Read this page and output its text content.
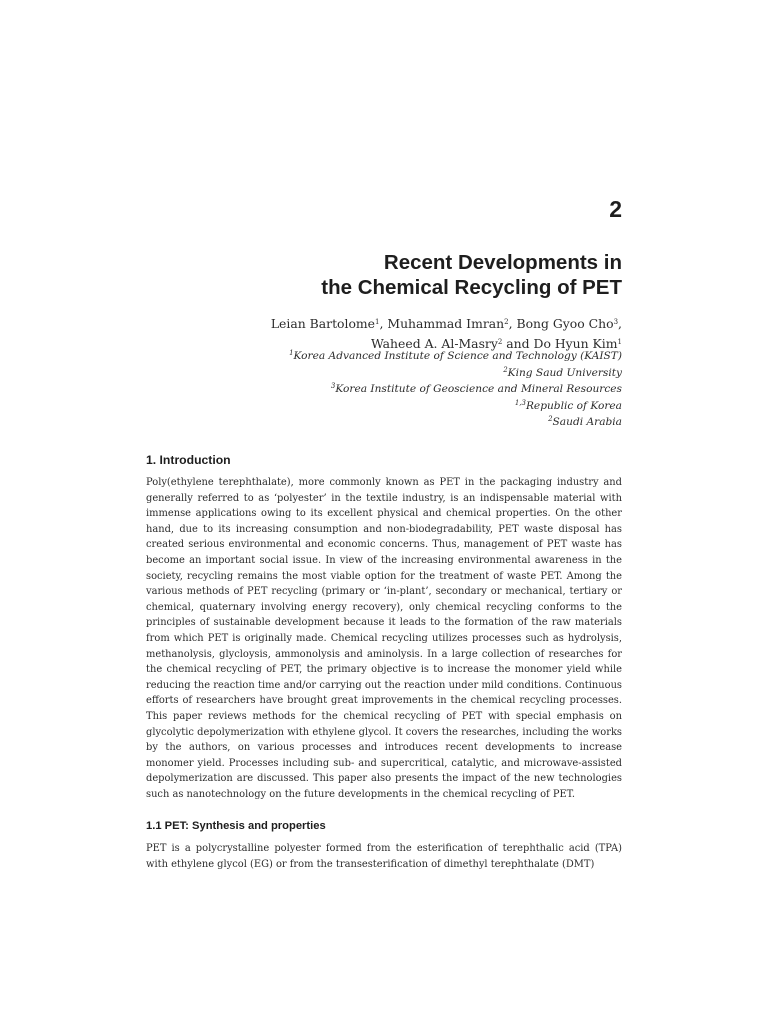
2
Recent Developments in
the Chemical Recycling of PET

Leian Bartolome$^1$, Muhammad Imran$^2$, Bong Gyoo Cho$^3$,
Waheed A. Al-Masry$^2$ and Do Hyun Kim$^1$

$^1$Korea Advanced Institute of Science and Technology (KAIST)
$^2$King Saud University
$^3$Korea Institute of Geoscience and Mineral Resources
$^{1,3}$Republic of Korea
$^2$Saudi Arabia
1. Introduction

Poly(ethylene terephthalate), more commonly known as PET in the packaging industry and generally referred to as ‘polyester’ in the textile industry, is an indispensable material with immense applications owing to its excellent physical and chemical properties. On the other hand, due to its increasing consumption and non-biodegradability, PET waste disposal has created serious environmental and economic concerns. Thus, management of PET waste has become an important social issue. In view of the increasing environmental awareness in the society, recycling remains the most viable option for the treatment of waste PET. Among the various methods of PET recycling (primary or ‘in-plant’, secondary or mechanical, tertiary or chemical, quaternary involving energy recovery), only chemical recycling conforms to the principles of sustainable development because it leads to the formation of the raw materials from which PET is originally made. Chemical recycling utilizes processes such as hydrolysis, methanolysis, glycloysis, ammonolysis and aminolysis. In a large collection of researches for the chemical recycling of PET, the primary objective is to increase the monomer yield while reducing the reaction time and/or carrying out the reaction under mild conditions. Continuous efforts of researchers have brought great improvements in the chemical recycling processes. This paper reviews methods for the chemical recycling of PET with special emphasis on glycolytic depolymerization with ethylene glycol. It covers the researches, including the works by the authors, on various processes and introduces recent developments to increase monomer yield. Processes including sub- and supercritical, catalytic, and microwave-assisted depolymerization are discussed. This paper also presents the impact of the new technologies such as nanotechnology on the future developments in the chemical recycling of PET.

1.1 PET: Synthesis and properties

PET is a polycrystalline polyester formed from the esterification of terephthalic acid (TPA) with ethylene glycol (EG) or from the transesterification of dimethyl terephthalate (DMT)
